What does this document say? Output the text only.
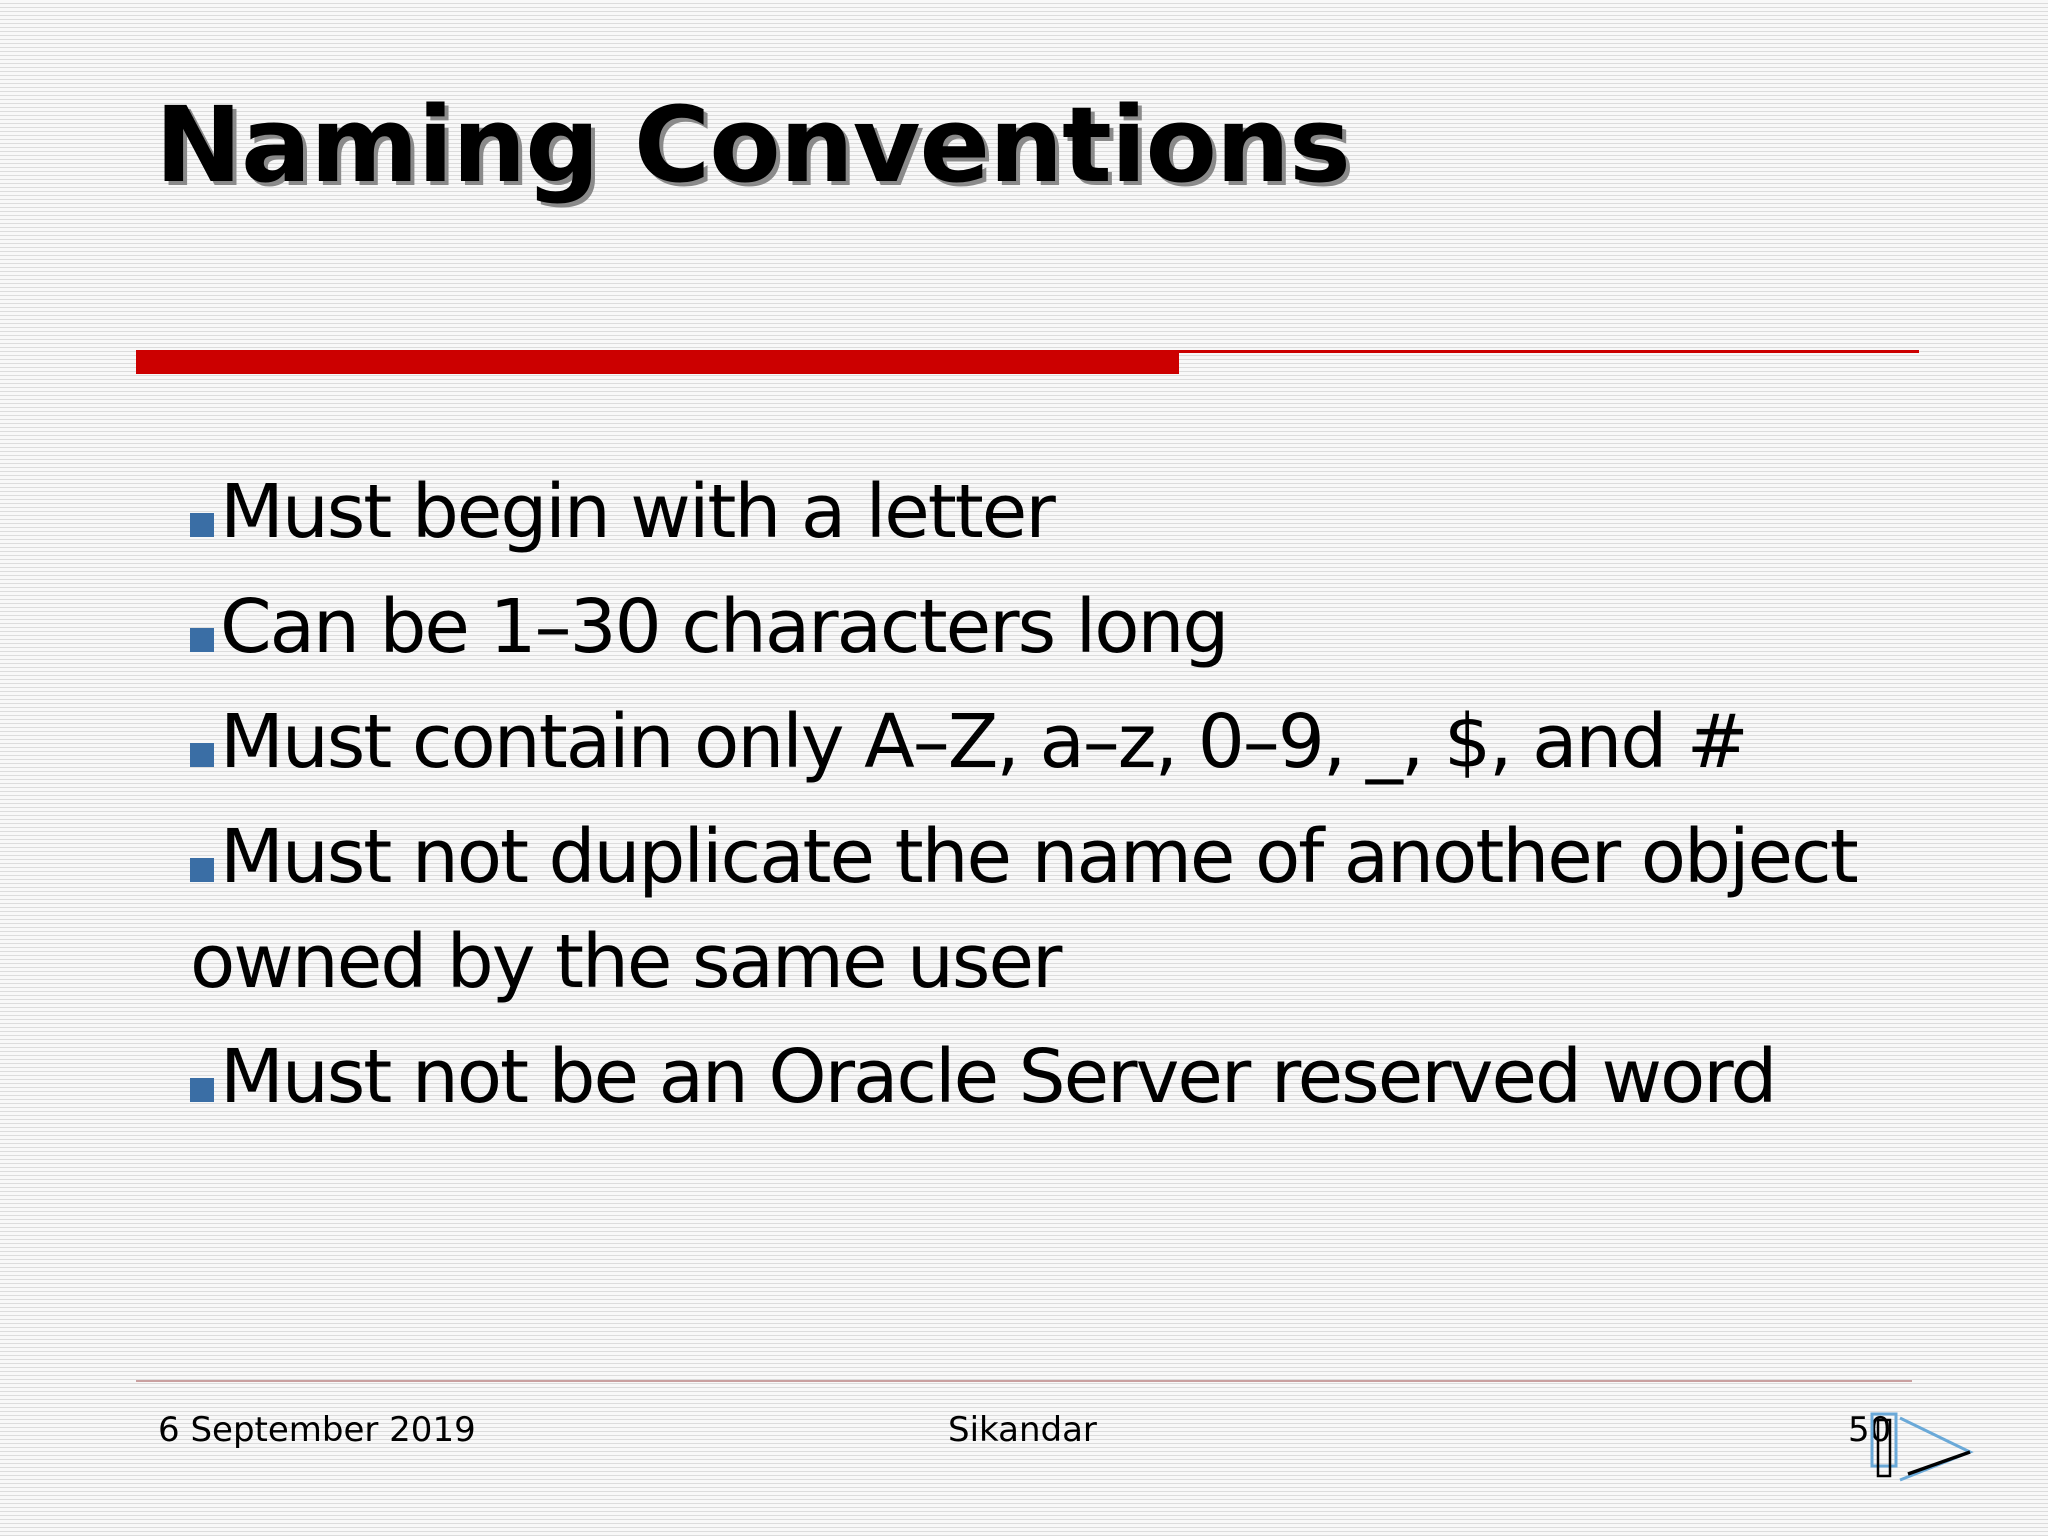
Naming Conventions
Must begin with a letter
Can be 1–30 characters long
Must contain only A–Z, a–z, 0–9, _, $, and #
Must not duplicate the name of another object owned by the same user
Must not be an Oracle Server reserved word
6 September 2019	Sikandar	50
